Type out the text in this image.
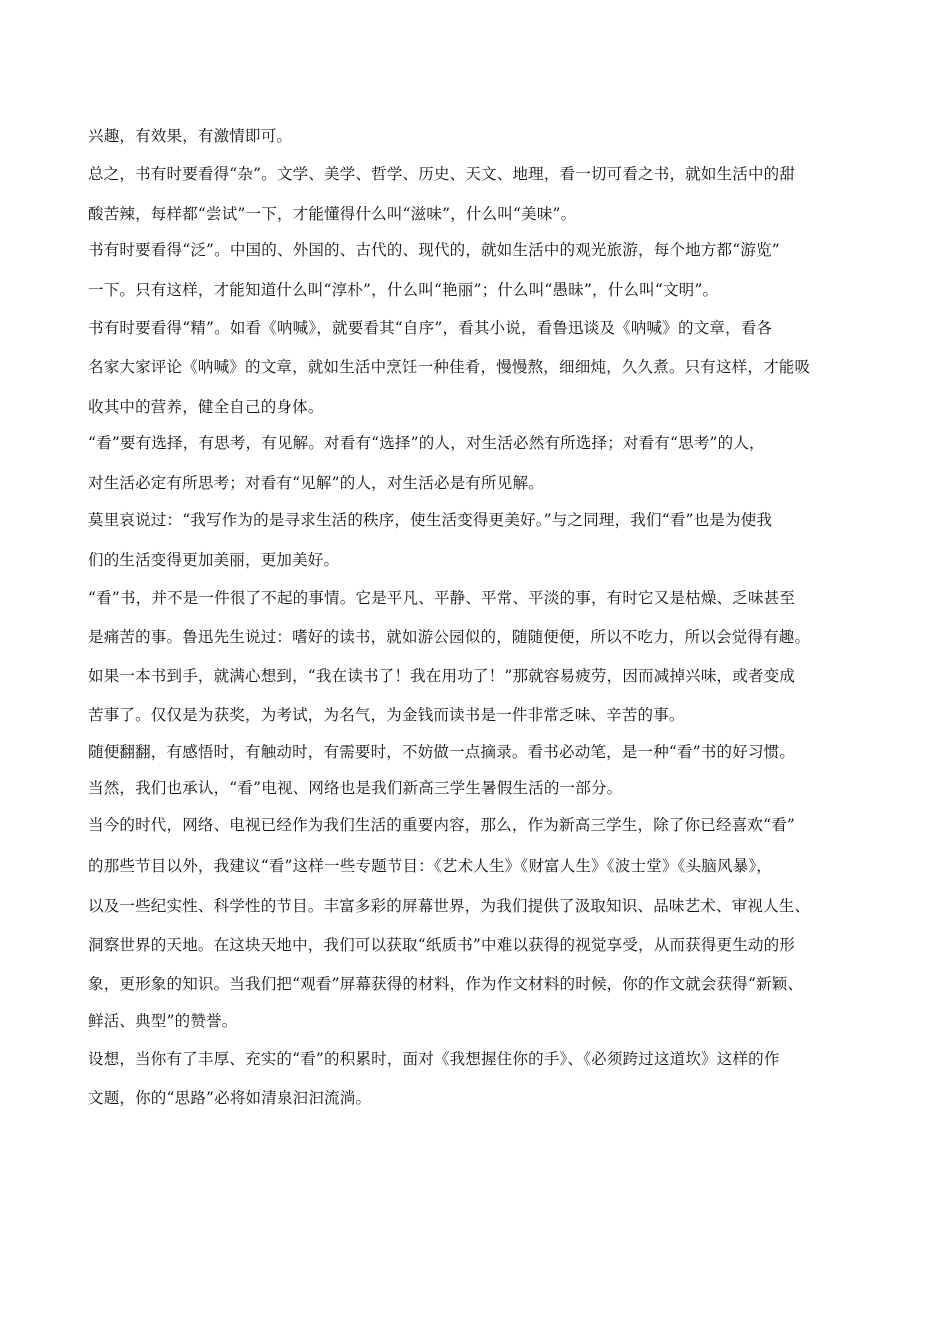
兴趣，有效果，有激情即可。
总之，书有时要看得“杂”。文学、美学、哲学、历史、天文、地理，看一切可看之书，就如生活中的甜
酸苦辣，每样都“尝试”一下，才能懂得什么叫“滋味”，什么叫“美味”。
书有时要看得“泛”。中国的、外国的、古代的、现代的，就如生活中的观光旅游，每个地方都“游览”
一下。只有这样，才能知道什么叫“淳朴”，什么叫“艳丽”；什么叫“愚昧”，什么叫“文明”。
书有时要看得“精”。如看《呐喊》，就要看其“自序”，看其小说，看鲁迅谈及《呐喊》的文章，看各
名家大家评论《呐喊》的文章，就如生活中烹饪一种佳肴，慢慢熬，细细炖，久久煮。只有这样，才能吸
收其中的营养，健全自己的身体。
“看”要有选择，有思考，有见解。对看有“选择”的人，对生活必然有所选择；对看有“思考”的人，
对生活必定有所思考；对看有“见解”的人，对生活必是有所见解。
莫里哀说过：“我写作为的是寻求生活的秩序，使生活变得更美好。”与之同理，我们“看”也是为使我
们的生活变得更加美丽，更加美好。
“看”书，并不是一件很了不起的事情。它是平凡、平静、平常、平淡的事，有时它又是枯燥、乏味甚至
是痛苦的事。鲁迅先生说过：嗜好的读书，就如游公园似的，随随便便，所以不吃力，所以会觉得有趣。
如果一本书到手，就满心想到，“我在读书了！我在用功了！”那就容易疲劳，因而减掉兴味，或者变成
苦事了。仅仅是为获奖，为考试，为名气，为金钱而读书是一件非常乏味、辛苦的事。
随便翻翻，有感悟时，有触动时，有需要时，不妨做一点摘录。看书必动笔，是一种“看”书的好习惯。
当然，我们也承认，“看”电视、网络也是我们新高三学生暑假生活的一部分。
当今的时代，网络、电视已经作为我们生活的重要内容，那么，作为新高三学生，除了你已经喜欢“看”
的那些节目以外，我建议“看”这样一些专题节目：《艺术人生》《财富人生》《波士堂》《头脑风暴》，
以及一些纪实性、科学性的节目。丰富多彩的屏幕世界，为我们提供了汲取知识、品味艺术、审视人生、
洞察世界的天地。在这块天地中，我们可以获取“纸质书”中难以获得的视觉享受，从而获得更生动的形
象，更形象的知识。当我们把“观看”屏幕获得的材料，作为作文材料的时候，你的作文就会获得“新颖、
鲜活、典型”的赞誉。
设想，当你有了丰厚、充实的“看”的积累时，面对《我想握住你的手》、《必须跨过这道坎》这样的作
文题，你的“思路”必将如清泉汩汩流淌。
